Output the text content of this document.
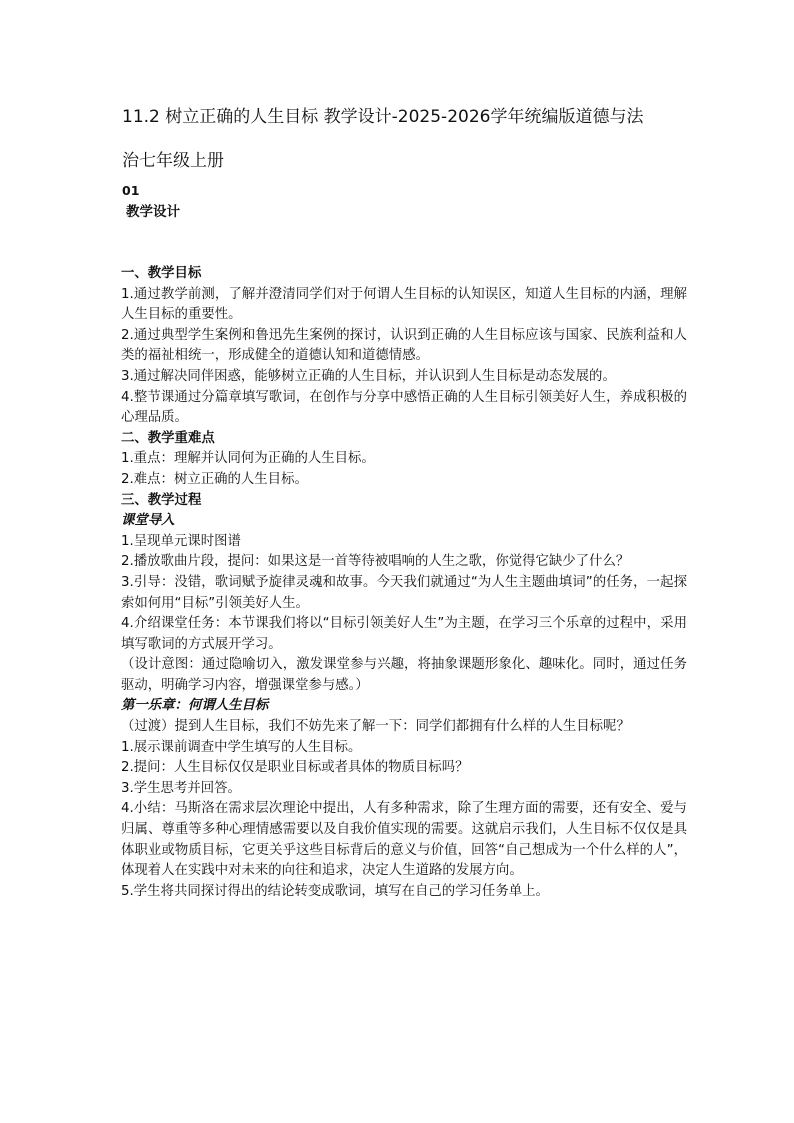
11.2 树立正确的人生目标 教学设计-2025-2026学年统编版道德与法
治七年级上册
01
教学设计

一、教学目标

1.通过教学前测，了解并澄清同学们对于何谓人生目标的认知误区，知道人生目标的内涵，理解人生目标的重要性。

2.通过典型学生案例和鲁迅先生案例的探讨，认识到正确的人生目标应该与国家、民族利益和人类的福祉相统一，形成健全的道德认知和道德情感。

3.通过解决同伴困惑，能够树立正确的人生目标，并认识到人生目标是动态发展的。

4.整节课通过分篇章填写歌词，在创作与分享中感悟正确的人生目标引领美好人生，养成积极的心理品质。

二、教学重难点

1.重点：理解并认同何为正确的人生目标。

2.难点：树立正确的人生目标。

三、教学过程

课堂导入

1.呈现单元课时图谱

2.播放歌曲片段，提问：如果这是一首等待被唱响的人生之歌，你觉得它缺少了什么？

3.引导：没错，歌词赋予旋律灵魂和故事。今天我们就通过“为人生主题曲填词”的任务，一起探索如何用“目标”引领美好人生。

4.介绍课堂任务：本节课我们将以“目标引领美好人生”为主题，在学习三个乐章的过程中，采用填写歌词的方式展开学习。

（设计意图：通过隐喻切入，激发课堂参与兴趣，将抽象课题形象化、趣味化。同时，通过任务驱动，明确学习内容，增强课堂参与感。）

第一乐章：何谓人生目标

（过渡）提到人生目标，我们不妨先来了解一下：同学们都拥有什么样的人生目标呢？

1.展示课前调查中学生填写的人生目标。

2.提问：人生目标仅仅是职业目标或者具体的物质目标吗？

3.学生思考并回答。

4.小结：马斯洛在需求层次理论中提出，人有多种需求，除了生理方面的需要，还有安全、爱与归属、尊重等多种心理情感需要以及自我价值实现的需要。这就启示我们，人生目标不仅仅是具体职业或物质目标，它更关乎这些目标背后的意义与价值，回答“自己想成为一个什么样的人”，体现着人在实践中对未来的向往和追求，决定人生道路的发展方向。

5.学生将共同探讨得出的结论转变成歌词，填写在自己的学习任务单上。
